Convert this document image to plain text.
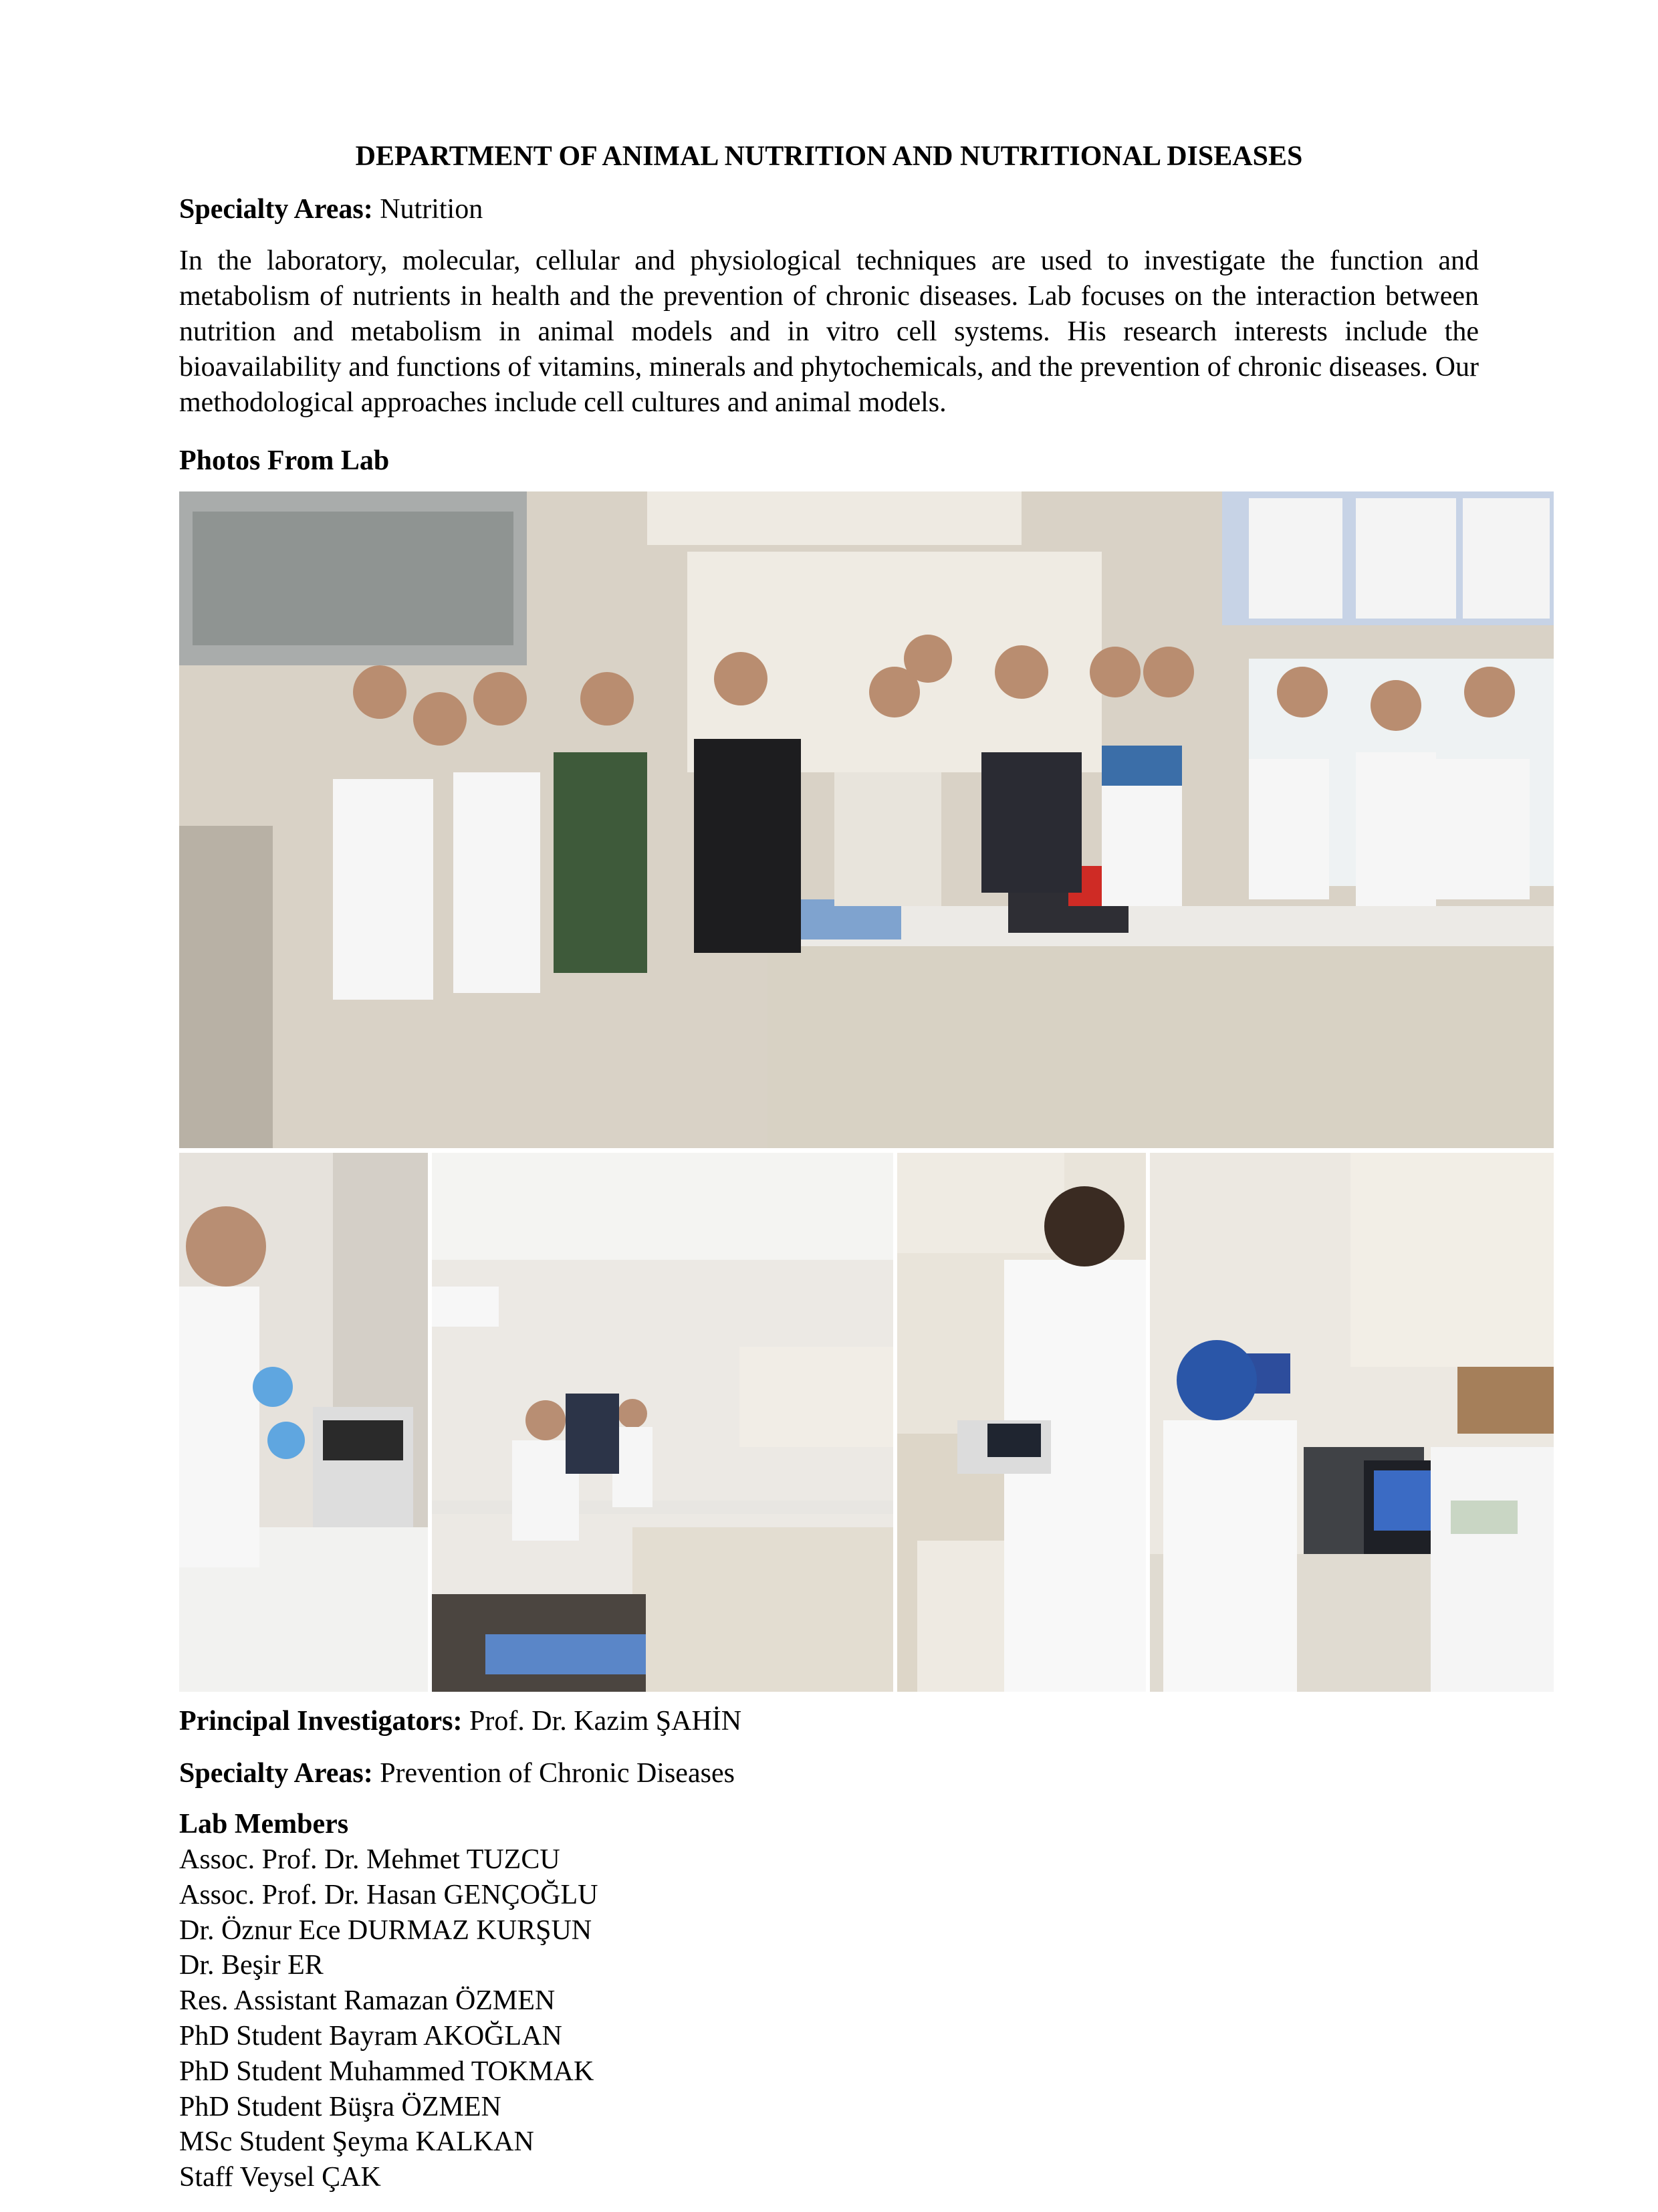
DEPARTMENT OF ANIMAL NUTRITION AND NUTRITIONAL DISEASES
Specialty Areas: Nutrition
In the laboratory, molecular, cellular and physiological techniques are used to investigate the function and metabolism of nutrients in health and the prevention of chronic diseases. Lab focuses on the interaction between nutrition and metabolism in animal models and in vitro cell systems. His research interests include the bioavailability and functions of vitamins, minerals and phytochemicals, and the prevention of chronic diseases. Our methodological approaches include cell cultures and animal models.
Photos From Lab
Principal Investigators: Prof. Dr. Kazim ŞAHİN
Specialty Areas: Prevention of Chronic Diseases
Lab Members
Assoc. Prof. Dr. Mehmet TUZCU
Assoc. Prof. Dr. Hasan GENÇOĞLU
Dr. Öznur Ece DURMAZ KURŞUN
Dr. Beşir ER
Res. Assistant Ramazan ÖZMEN
PhD Student Bayram AKOĞLAN
PhD Student Muhammed TOKMAK
PhD Student Büşra ÖZMEN
MSc Student Şeyma KALKAN
Staff Veysel ÇAK
